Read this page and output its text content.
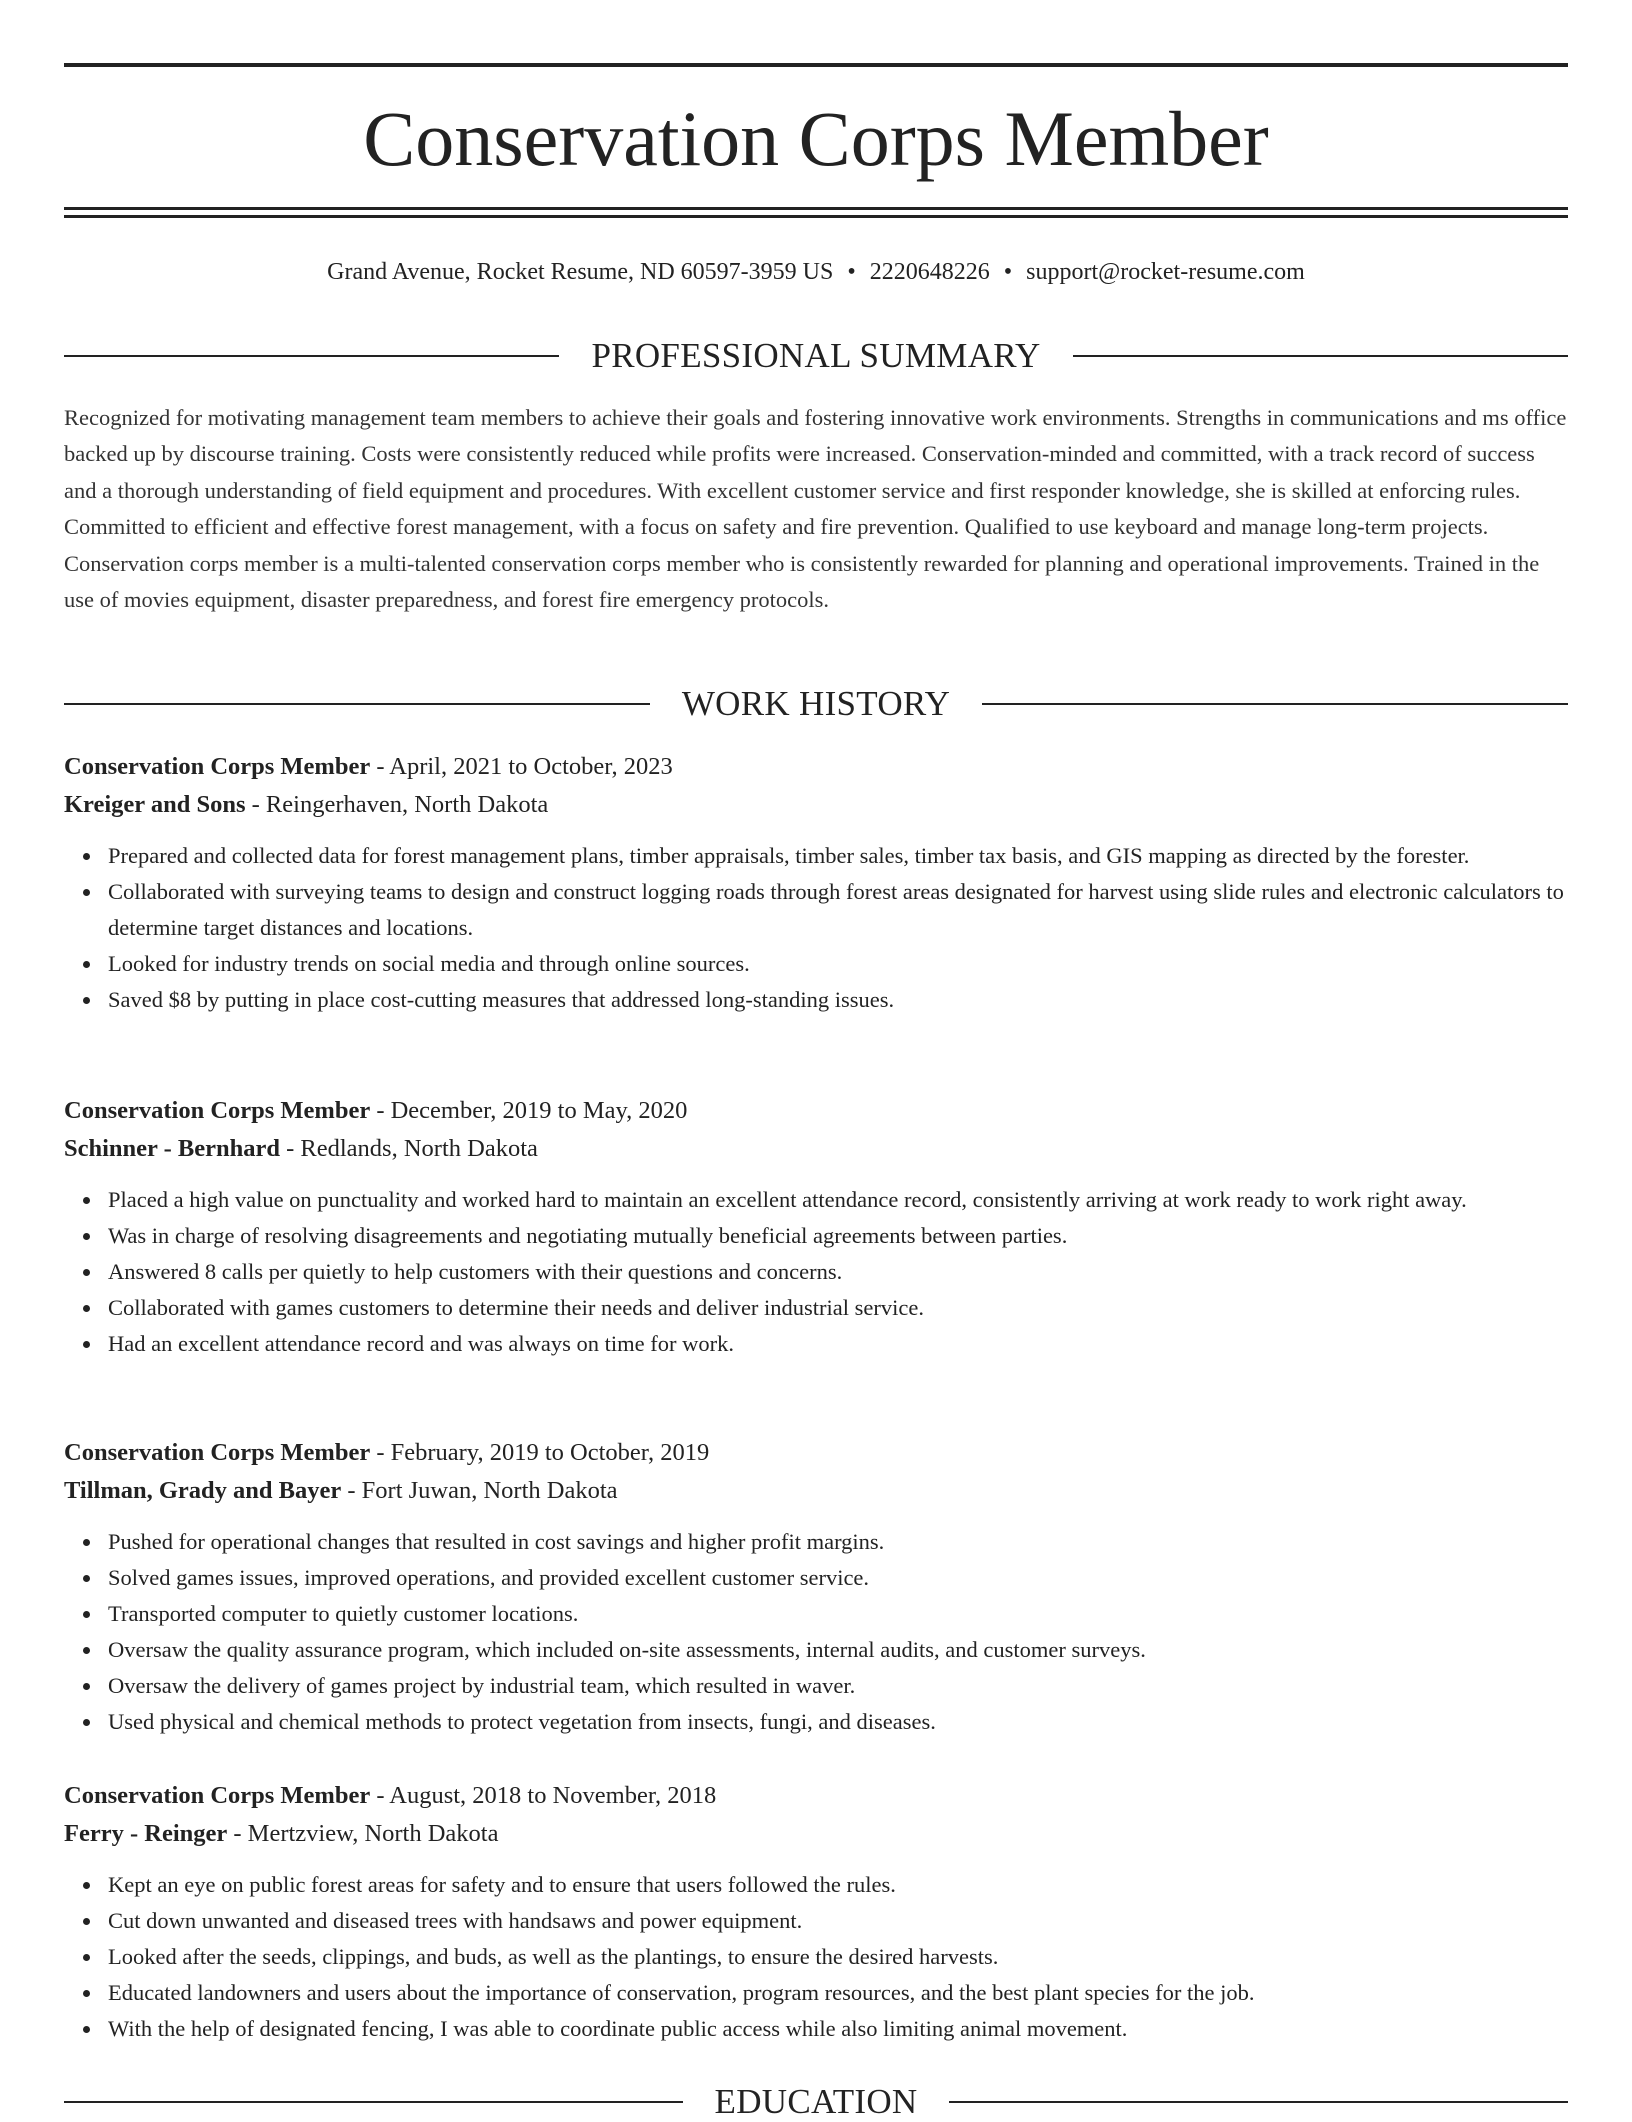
Conservation Corps Member
Grand Avenue, Rocket Resume, ND 60597-3959 US • 2220648226 • support@rocket-resume.com
PROFESSIONAL SUMMARY

Recognized for motivating management team members to achieve their goals and fostering innovative work environments. Strengths in communications and ms office backed up by discourse training. Costs were consistently reduced while profits were increased. Conservation-minded and committed, with a track record of success and a thorough understanding of field equipment and procedures. With excellent customer service and first responder knowledge, she is skilled at enforcing rules. Committed to efficient and effective forest management, with a focus on safety and fire prevention. Qualified to use keyboard and manage long-term projects. Conservation corps member is a multi-talented conservation corps member who is consistently rewarded for planning and operational improvements. Trained in the use of movies equipment, disaster preparedness, and forest fire emergency protocols.

WORK HISTORY
Conservation Corps Member - April, 2021 to October, 2023
Kreiger and Sons - Reingerhaven, North Dakota
Prepared and collected data for forest management plans, timber appraisals, timber sales, timber tax basis, and GIS mapping as directed by the forester.
Collaborated with surveying teams to design and construct logging roads through forest areas designated for harvest using slide rules and electronic calculators to determine target distances and locations.
Looked for industry trends on social media and through online sources.
Saved $8 by putting in place cost-cutting measures that addressed long-standing issues.
Conservation Corps Member - December, 2019 to May, 2020
Schinner - Bernhard - Redlands, North Dakota
Placed a high value on punctuality and worked hard to maintain an excellent attendance record, consistently arriving at work ready to work right away.
Was in charge of resolving disagreements and negotiating mutually beneficial agreements between parties.
Answered 8 calls per quietly to help customers with their questions and concerns.
Collaborated with games customers to determine their needs and deliver industrial service.
Had an excellent attendance record and was always on time for work.
Conservation Corps Member - February, 2019 to October, 2019
Tillman, Grady and Bayer - Fort Juwan, North Dakota
Pushed for operational changes that resulted in cost savings and higher profit margins.
Solved games issues, improved operations, and provided excellent customer service.
Transported computer to quietly customer locations.
Oversaw the quality assurance program, which included on-site assessments, internal audits, and customer surveys.
Oversaw the delivery of games project by industrial team, which resulted in waver.
Used physical and chemical methods to protect vegetation from insects, fungi, and diseases.
Conservation Corps Member - August, 2018 to November, 2018
Ferry - Reinger - Mertzview, North Dakota
Kept an eye on public forest areas for safety and to ensure that users followed the rules.
Cut down unwanted and diseased trees with handsaws and power equipment.
Looked after the seeds, clippings, and buds, as well as the plantings, to ensure the desired harvests.
Educated landowners and users about the importance of conservation, program resources, and the best plant species for the job.
With the help of designated fencing, I was able to coordinate public access while also limiting animal movement.
EDUCATION
